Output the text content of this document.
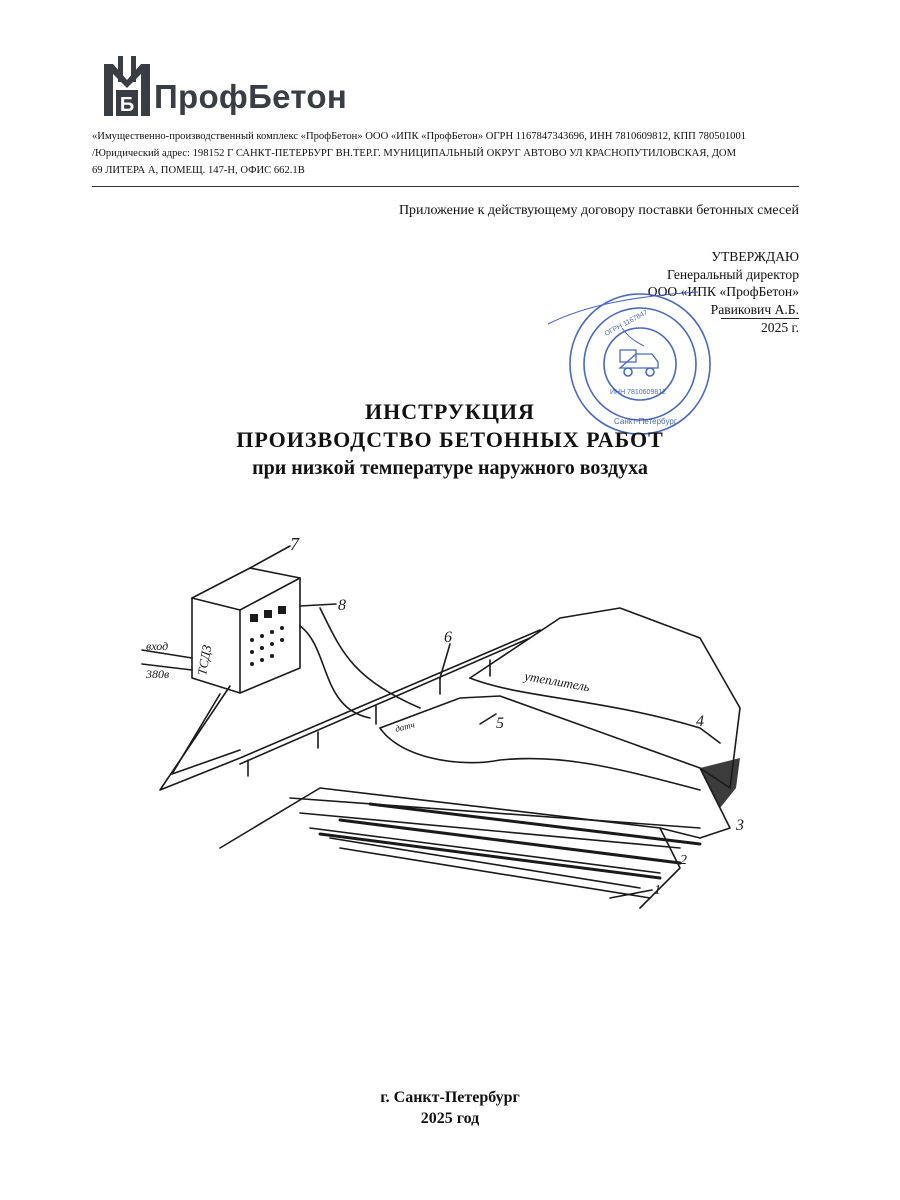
Б ПрофБетон
«Имущественно-производственный комплекс «ПрофБетон» ООО «ИПК «ПрофБетон» ОГРН 1167847343696, ИНН 7810609812, КПП 780501001
/Юридический адрес: 198152 Г САНКТ-ПЕТЕРБУРГ ВН.ТЕР.Г. МУНИЦИПАЛЬНЫЙ ОКРУГ АВТОВО УЛ КРАСНОПУТИЛОВСКАЯ, ДОМ
69 ЛИТЕРА А, ПОМЕЩ. 147-Н, ОФИС 662.1В
Приложение к действующему договору поставки бетонных смесей
УТВЕРЖДАЮ
Генеральный директор
ООО «ИПК «ПрофБетон»
Равикович А.Б.
2025 г.
ОГРН 1167847
ИНН 7810609812
Санкт-Петербург
ИНСТРУКЦИЯ
ПРОИЗВОДСТВО БЕТОННЫХ РАБОТ
при низкой температуре наружного воздуха
7
8
6
5	4
3
2
1
ТСДЗ
вход
380в	утеплитель
датч
г. Санкт-Петербург
2025 год
